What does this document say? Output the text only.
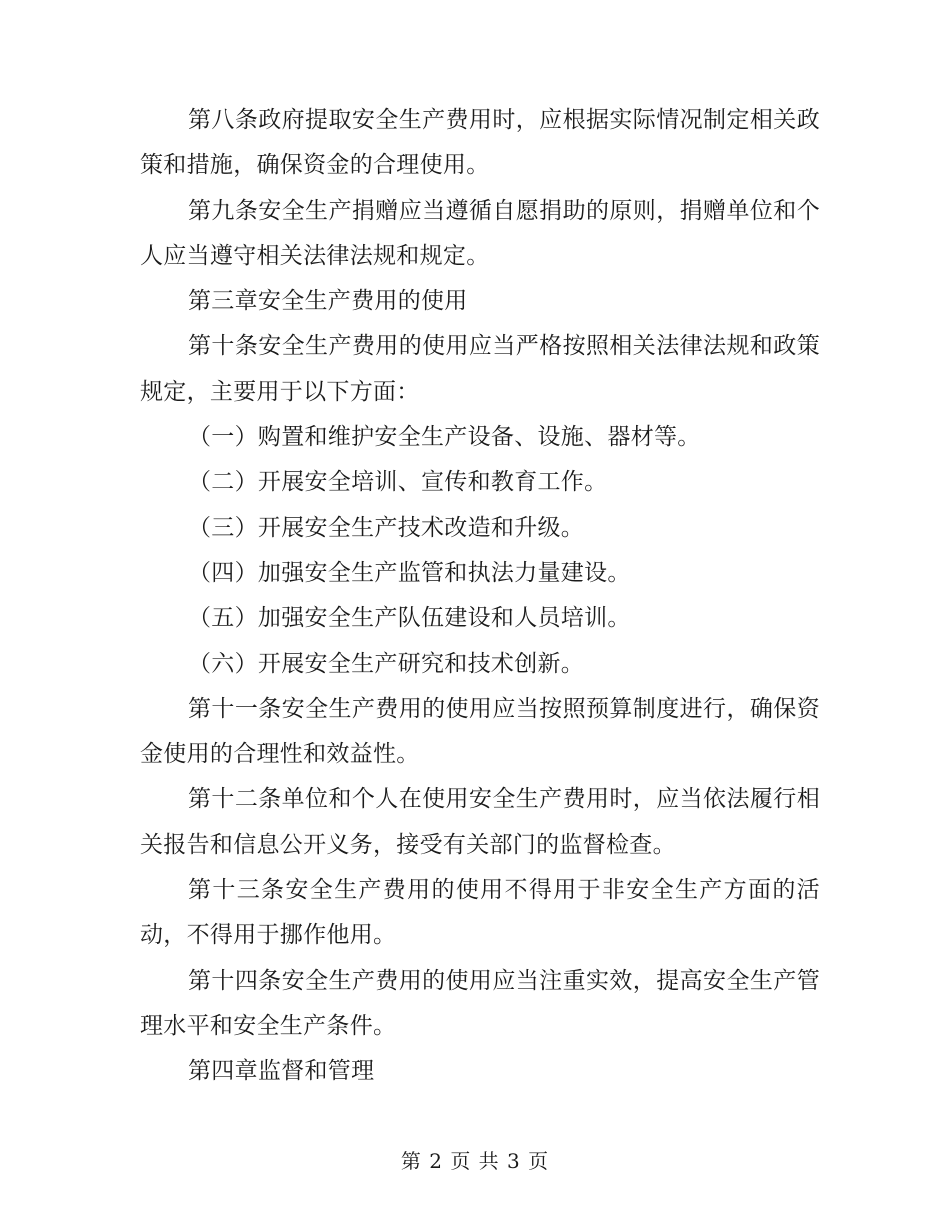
第八条政府提取安全生产费用时，应根据实际情况制定相关政策和措施，确保资金的合理使用。

第九条安全生产捐赠应当遵循自愿捐助的原则，捐赠单位和个人应当遵守相关法律法规和规定。

第三章安全生产费用的使用

第十条安全生产费用的使用应当严格按照相关法律法规和政策规定，主要用于以下方面：

（一）购置和维护安全生产设备、设施、器材等。

（二）开展安全培训、宣传和教育工作。

（三）开展安全生产技术改造和升级。

（四）加强安全生产监管和执法力量建设。

（五）加强安全生产队伍建设和人员培训。

（六）开展安全生产研究和技术创新。

第十一条安全生产费用的使用应当按照预算制度进行，确保资金使用的合理性和效益性。

第十二条单位和个人在使用安全生产费用时，应当依法履行相关报告和信息公开义务，接受有关部门的监督检查。

第十三条安全生产费用的使用不得用于非安全生产方面的活动，不得用于挪作他用。

第十四条安全生产费用的使用应当注重实效，提高安全生产管理水平和安全生产条件。

第四章监督和管理

第 2 页 共 3 页
